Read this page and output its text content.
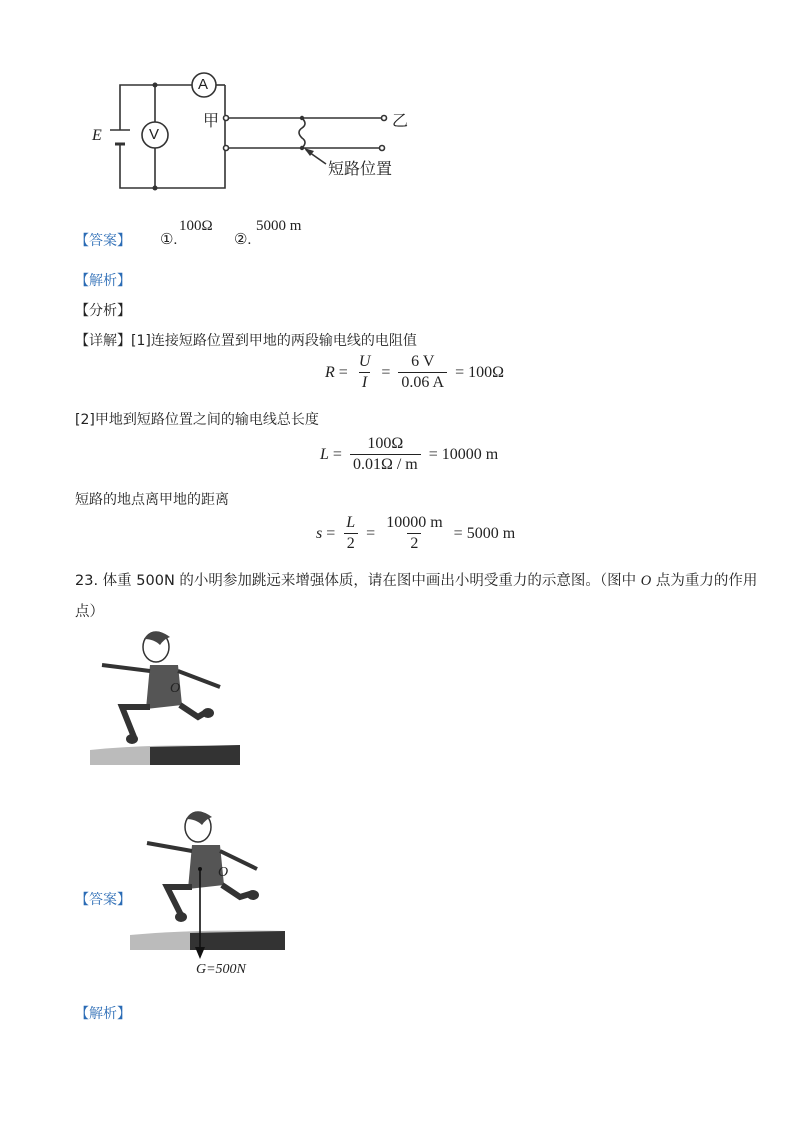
A
V
E
甲	乙
短路位置
【答案】 ①.
100Ω
②.
5000 m
【解析】
【分析】
【详解】[1]连接短路位置到甲地的两段输电线的电阻值
$R = \frac{U}{I} = \frac{6 V}{0.06 A} = 100\Omega$
[2]甲地到短路位置之间的输电线总长度
$L = \frac{100\Omega}{0.01\Omega / m} = 10000$ m
短路的地点离甲地的距离
$s = \frac{L}{2} = \frac{10000 m}{2} = 5000$ m
23. 体重 500N 的小明参加跳远来增强体质，请在图中画出小明受重力的示意图。（图中 O 点为重力的作用
点）
O
【答案】
O
G=500N
【解析】
